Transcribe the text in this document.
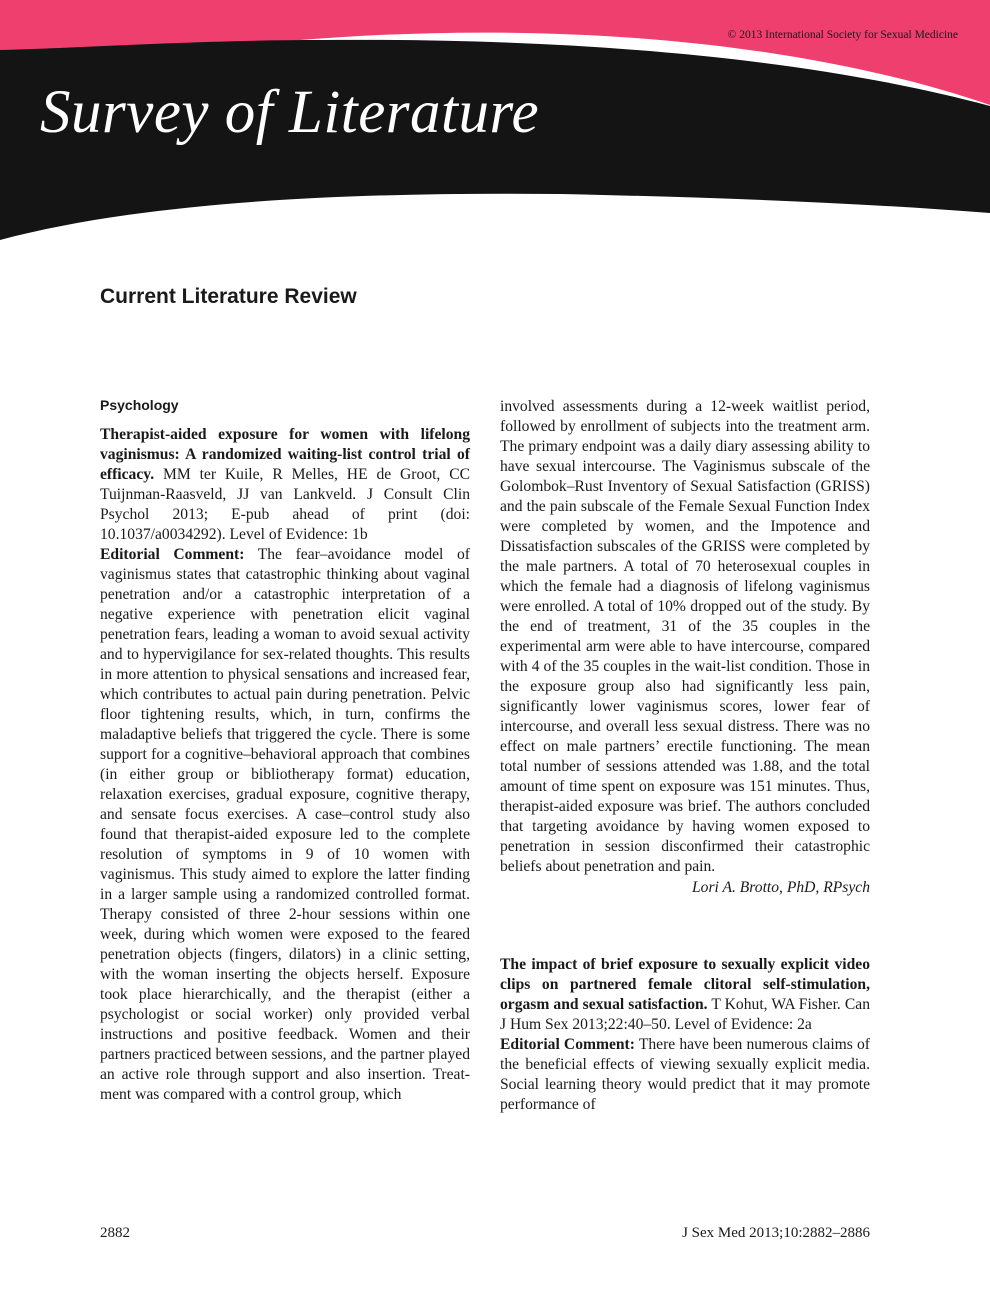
© 2013 International Society for Sexual Medicine
Survey of Literature
Current Literature Review
Psychology

Therapist-aided exposure for women with lifelong vaginismus: A randomized waiting-list control trial of efficacy. MM ter Kuile, R Melles, HE de Groot, CC Tuijnman-Raasveld, JJ van Lankveld. J Consult Clin Psychol 2013; E-pub ahead of print (doi: 10.1037/a0034292). Level of Evidence: 1b

Editorial Comment: The fear–avoidance model of vaginismus states that catastrophic thinking about vaginal penetration and/or a catastrophic interpretation of a negative experience with penetration elicit vaginal penetration fears, leading a woman to avoid sexual activity and to hypervigilance for sex-related thoughts. This results in more attention to physical sensations and increased fear, which contributes to actual pain during penetration. Pelvic floor tightening results, which, in turn, confirms the maladaptive beliefs that triggered the cycle. There is some support for a cognitive–behavioral approach that combines (in either group or bibliotherapy format) education, relaxation exercises, gradual exposure, cognitive therapy, and sensate focus exercises. A case–control study also found that therapist-aided exposure led to the complete resolution of symptoms in 9 of 10 women with vaginismus. This study aimed to explore the latter finding in a larger sample using a randomized controlled format. Therapy consisted of three 2-hour sessions within one week, during which women were exposed to the feared penetration objects (fingers, dilators) in a clinic setting, with the woman inserting the objects herself. Exposure took place hierarchically, and the therapist (either a psychologist or social worker) only provided verbal instructions and positive feedback. Women and their partners practiced between sessions, and the partner played an active role through support and also insertion. Treatment was compared with a control group, which

involved assessments during a 12-week waitlist period, followed by enrollment of subjects into the treatment arm. The primary endpoint was a daily diary assessing ability to have sexual intercourse. The Vaginismus subscale of the Golombok–Rust Inventory of Sexual Satisfaction (GRISS) and the pain subscale of the Female Sexual Function Index were completed by women, and the Impotence and Dissatisfaction subscales of the GRISS were completed by the male partners. A total of 70 heterosexual couples in which the female had a diagnosis of lifelong vaginismus were enrolled. A total of 10% dropped out of the study. By the end of treatment, 31 of the 35 couples in the experimental arm were able to have intercourse, compared with 4 of the 35 couples in the wait-list condition. Those in the exposure group also had significantly less pain, significantly lower vaginismus scores, lower fear of intercourse, and overall less sexual distress. There was no effect on male partners’ erectile functioning. The mean total number of sessions attended was 1.88, and the total amount of time spent on exposure was 151 minutes. Thus, therapist-aided exposure was brief. The authors concluded that targeting avoidance by having women exposed to penetration in session disconfirmed their catastrophic beliefs about penetration and pain.

Lori A. Brotto, PhD, RPsych

The impact of brief exposure to sexually explicit video clips on partnered female clitoral self-stimulation, orgasm and sexual satisfaction. T Kohut, WA Fisher. Can J Hum Sex 2013;22:40–50. Level of Evidence: 2a

Editorial Comment: There have been numerous claims of the beneficial effects of viewing sexually explicit media. Social learning theory would predict that it may promote performance of

2882	J Sex Med 2013;10:2882–2886
